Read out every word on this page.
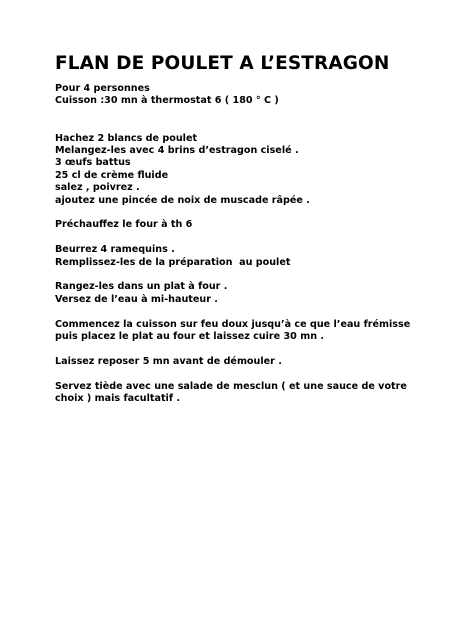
FLAN DE POULET A L’ESTRAGON

Pour 4 personnes
Cuisson :30 mn à thermostat 6 ( 180 ° C )

Hachez 2 blancs de poulet
Melangez-les avec 4 brins d’estragon ciselé .
3 œufs battus
25 cl de crème fluide
salez , poivrez .
ajoutez une pincée de noix de muscade râpée .

Préchauffez le four à th 6

Beurrez 4 ramequins .
Remplissez-les de la préparation  au poulet

Rangez-les dans un plat à four .
Versez de l’eau à mi-hauteur .

Commencez la cuisson sur feu doux jusqu’à ce que l’eau frémisse
puis placez le plat au four et laissez cuire 30 mn .

Laissez reposer 5 mn avant de démouler .

Servez tiède avec une salade de mesclun ( et une sauce de votre
choix ) mais facultatif .
